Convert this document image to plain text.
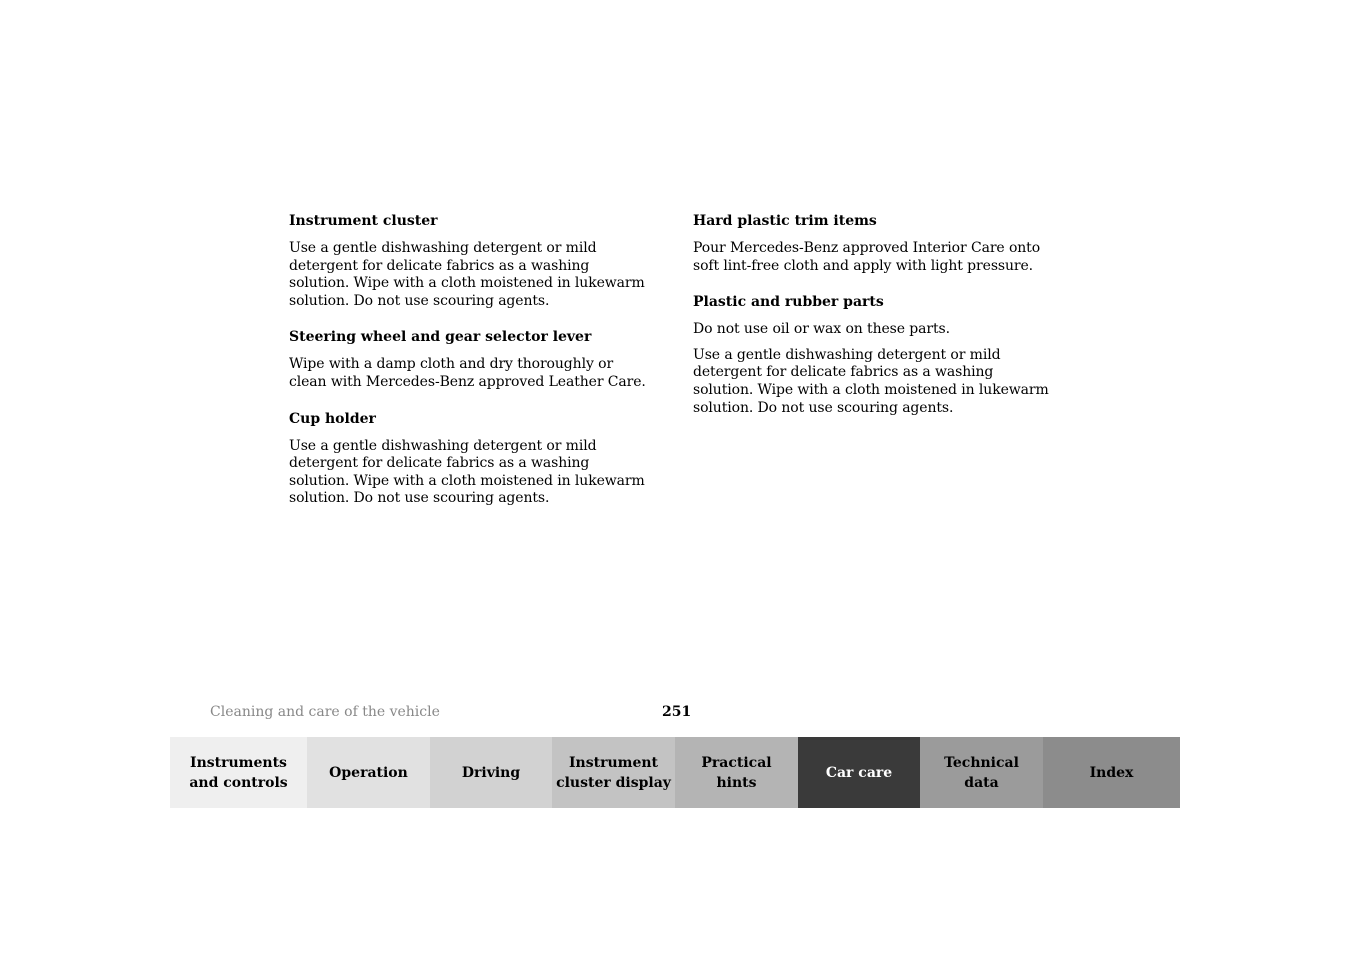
Instrument cluster

Use a gentle dishwashing detergent or mild detergent for delicate fabrics as a washing solution. Wipe with a cloth moistened in lukewarm solution. Do not use scouring agents.

Steering wheel and gear selector lever

Wipe with a damp cloth and dry thoroughly or clean with Mercedes-Benz approved Leather Care.

Cup holder

Use a gentle dishwashing detergent or mild detergent for delicate fabrics as a washing solution. Wipe with a cloth moistened in lukewarm solution. Do not use scouring agents.

Hard plastic trim items

Pour Mercedes-Benz approved Interior Care onto soft lint-free cloth and apply with light pressure.

Plastic and rubber parts

Do not use oil or wax on these parts.

Use a gentle dishwashing detergent or mild detergent for delicate fabrics as a washing solution. Wipe with a cloth moistened in lukewarm solution. Do not use scouring agents.

Cleaning and care of the vehicle	251
Instruments
and controls
Operation	Driving
Instrument
cluster display
Practical hints
Car care
Technical
data
Index
